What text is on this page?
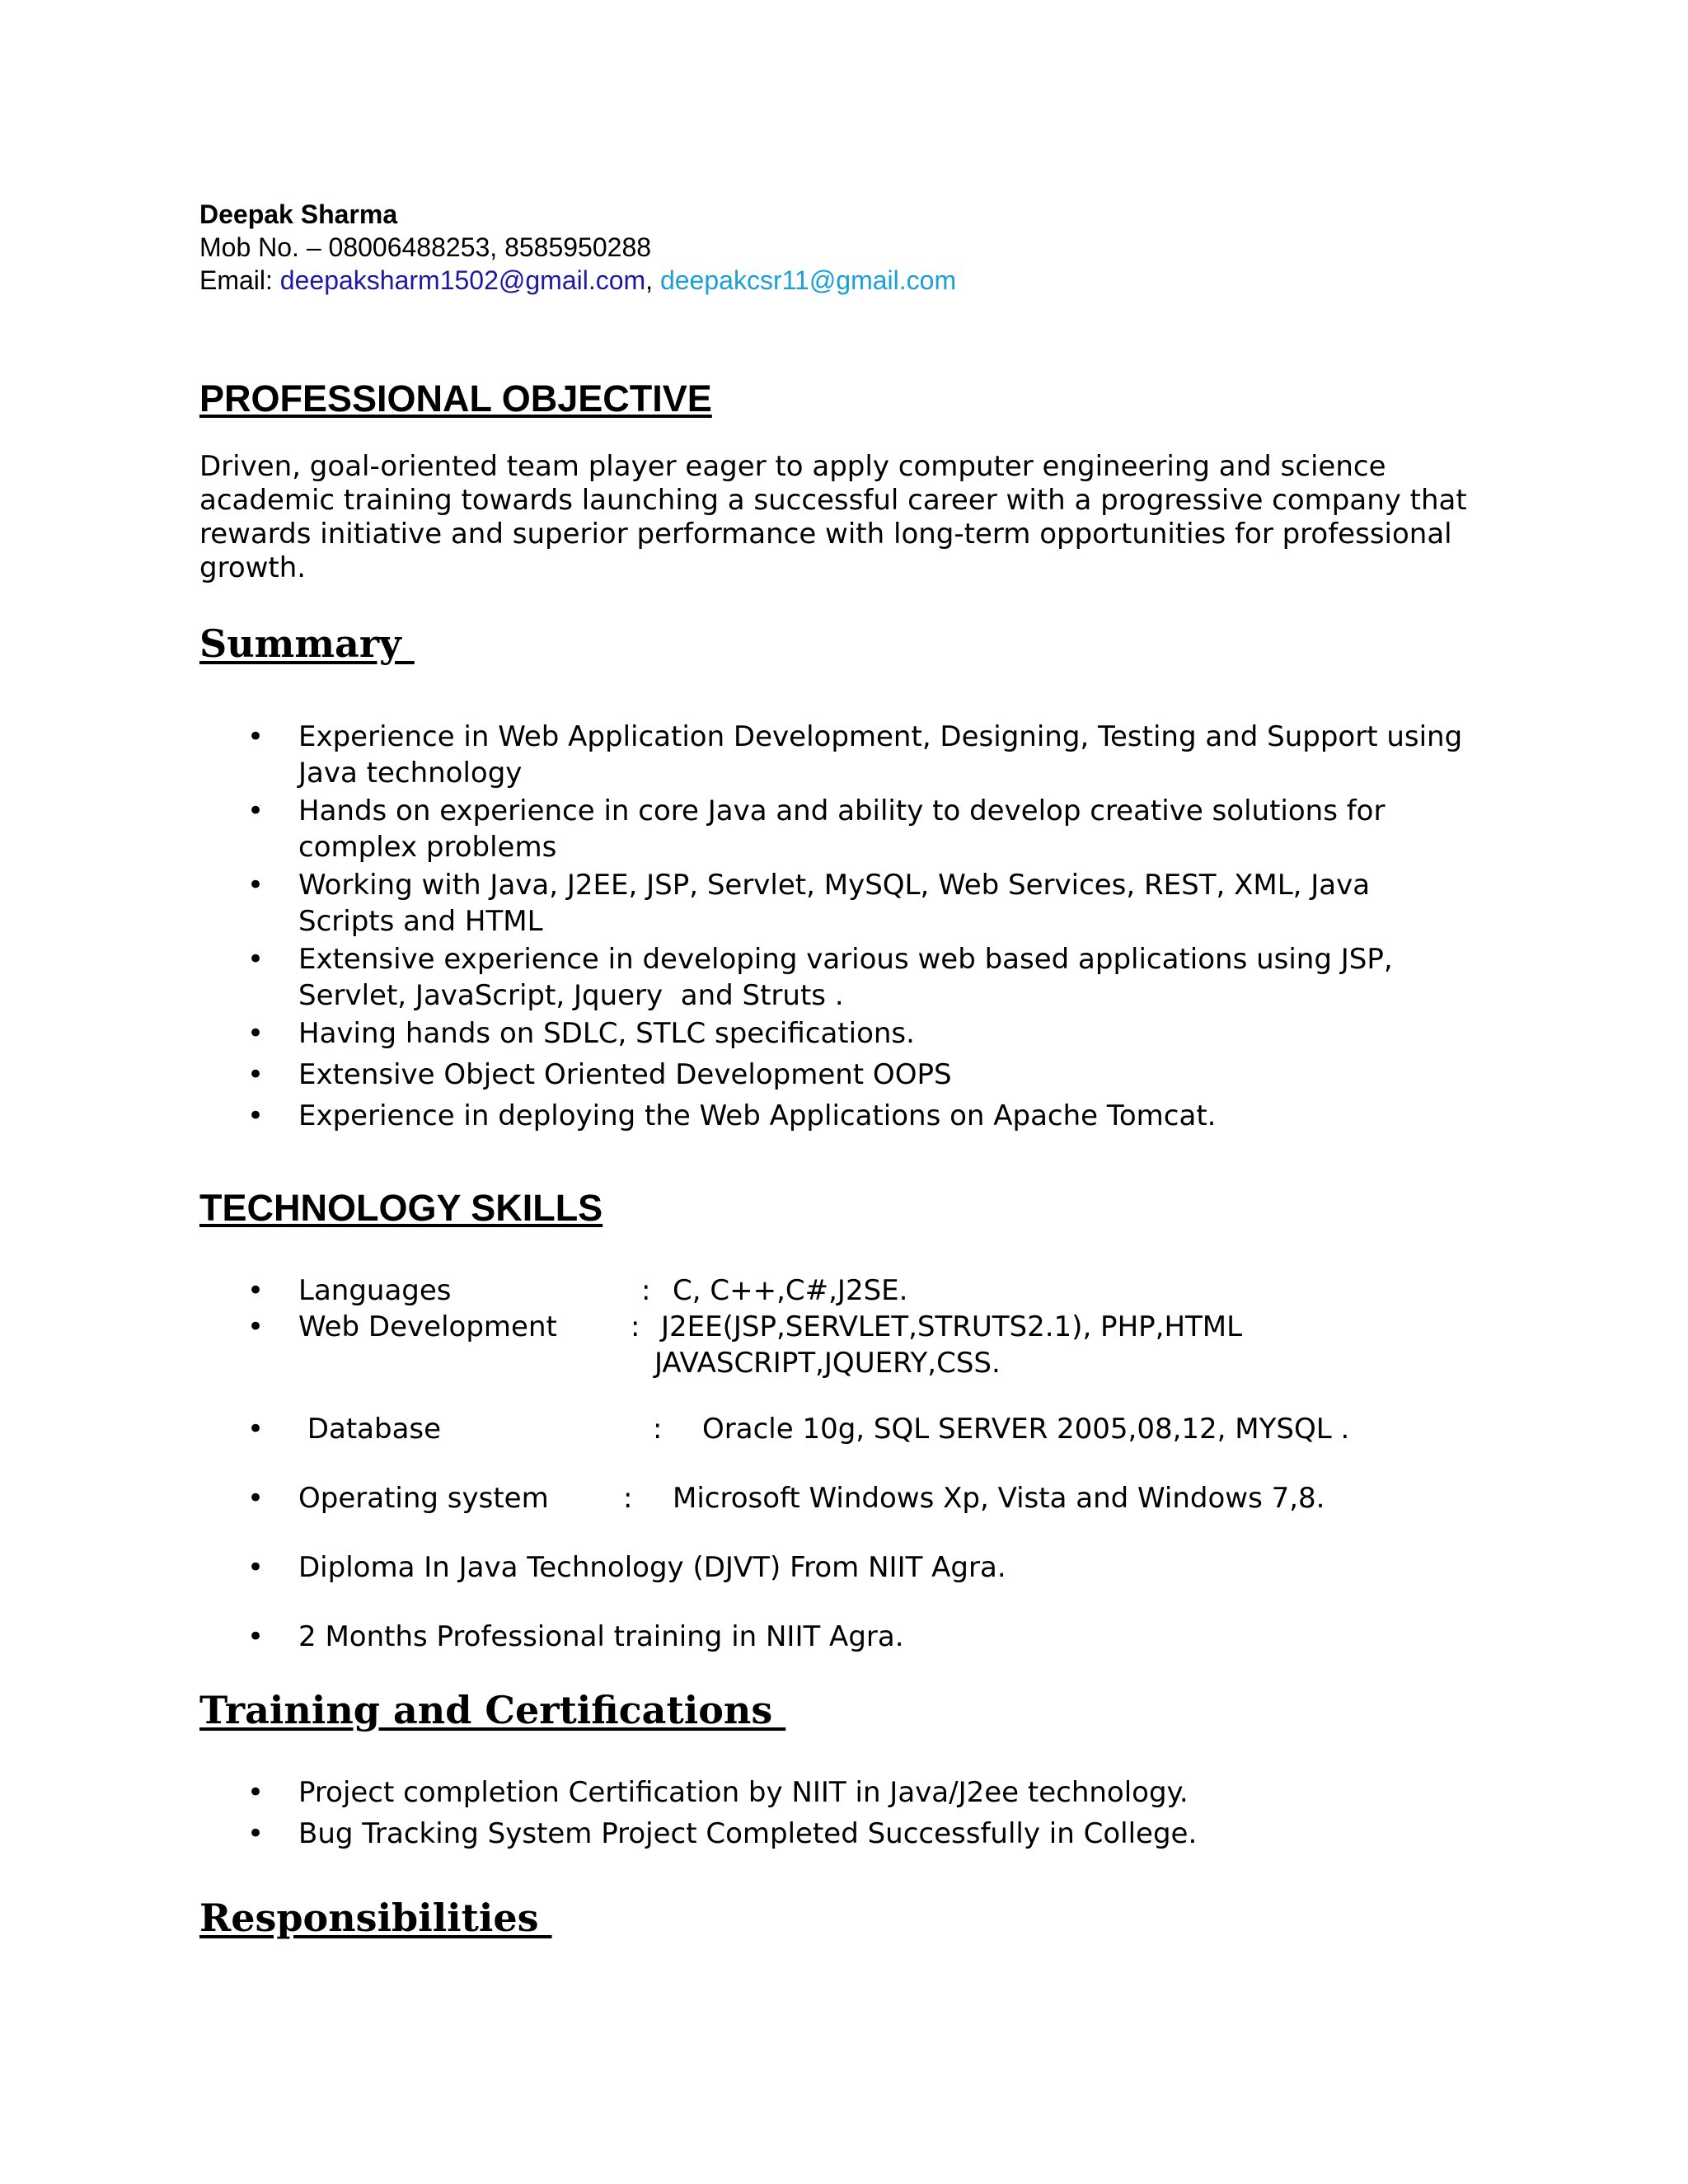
Deepak Sharma
Mob No. – 08006488253, 8585950288
Email: deepaksharm1502@gmail.com, deepakcsr11@gmail.com
PROFESSIONAL OBJECTIVE

Driven, goal-oriented team player eager to apply computer engineering and science

academic training towards launching a successful career with a progressive company that

rewards initiative and superior performance with long-term opportunities for professional

growth.

Summary
• Experience in Web Application Development, Designing, Testing and Support using
Java technology
• Hands on experience in core Java and ability to develop creative solutions for
complex problems
• Working with Java, J2EE, JSP, Servlet, MySQL, Web Services, REST, XML, Java
Scripts and HTML
• Extensive experience in developing various web based applications using JSP,
Servlet, JavaScript, Jquery  and Struts .
• Having hands on SDLC, STLC specifications.
• Extensive Object Oriented Development OOPS
• Experience in deploying the Web Applications on Apache Tomcat.
TECHNOLOGY SKILLS
• Languages	: C, C++,C#,J2SE.
• Web Development	: J2EE(JSP,SERVLET,STRUTS2.1), PHP,HTML
JAVASCRIPT,JQUERY,CSS.
• Database	: Oracle 10g, SQL SERVER 2005,08,12, MYSQL .
• Operating system	: Microsoft Windows Xp, Vista and Windows 7,8.
• Diploma In Java Technology (DJVT) From NIIT Agra.
• 2 Months Professional training in NIIT Agra.
Training and Certifications
• Project completion Certification by NIIT in Java/J2ee technology.
• Bug Tracking System Project Completed Successfully in College.
Responsibilities
